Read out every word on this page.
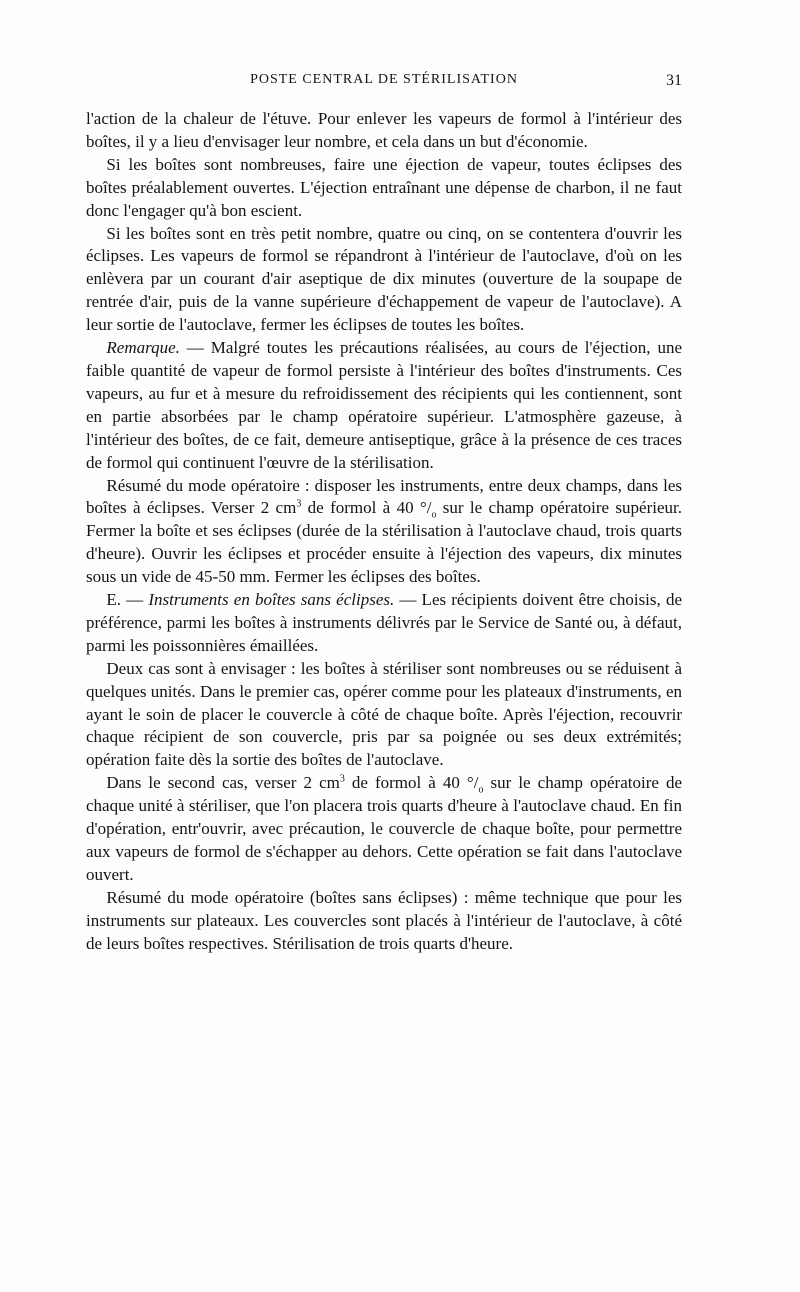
POSTE CENTRAL DE STÉRILISATION	31

l'action de la chaleur de l'étuve. Pour enlever les vapeurs de formol à l'intérieur des boîtes, il y a lieu d'envisager leur nombre, et cela dans un but d'économie.

Si les boîtes sont nombreuses, faire une éjection de vapeur, toutes éclipses des boîtes préalablement ouvertes. L'éjection entraînant une dépense de charbon, il ne faut donc l'engager qu'à bon escient.

Si les boîtes sont en très petit nombre, quatre ou cinq, on se contentera d'ouvrir les éclipses. Les vapeurs de formol se répandront à l'intérieur de l'autoclave, d'où on les enlèvera par un courant d'air aseptique de dix minutes (ouverture de la soupape de rentrée d'air, puis de la vanne supérieure d'échappement de vapeur de l'autoclave). A leur sortie de l'autoclave, fermer les éclipses de toutes les boîtes.

Remarque. — Malgré toutes les précautions réalisées, au cours de l'éjection, une faible quantité de vapeur de formol persiste à l'intérieur des boîtes d'instruments. Ces vapeurs, au fur et à mesure du refroidissement des récipients qui les contiennent, sont en partie absorbées par le champ opératoire supérieur. L'atmosphère gazeuse, à l'intérieur des boîtes, de ce fait, demeure antiseptique, grâce à la présence de ces traces de formol qui continuent l'œuvre de la stérilisation.

Résumé du mode opératoire : disposer les instruments, entre deux champs, dans les boîtes à éclipses. Verser 2 $cm^3$ de formol à 40 $^\circ/_o$ sur le champ opératoire supérieur. Fermer la boîte et ses éclipses (durée de la stérilisation à l'autoclave chaud, trois quarts d'heure). Ouvrir les éclipses et procéder ensuite à l'éjection des vapeurs, dix minutes sous un vide de 45-50 mm. Fermer les éclipses des boîtes.

E. — Instruments en boîtes sans éclipses. — Les récipients doivent être choisis, de préférence, parmi les boîtes à instruments délivrés par le Service de Santé ou, à défaut, parmi les poissonnières émaillées.

Deux cas sont à envisager : les boîtes à stériliser sont nombreuses ou se réduisent à quelques unités. Dans le premier cas, opérer comme pour les plateaux d'instruments, en ayant le soin de placer le couvercle à côté de chaque boîte. Après l'éjection, recouvrir chaque récipient de son couvercle, pris par sa poignée ou ses deux extrémités; opération faite dès la sortie des boîtes de l'autoclave.

Dans le second cas, verser 2 $cm^3$ de formol à 40 $^\circ/_o$ sur le champ opératoire de chaque unité à stériliser, que l'on placera trois quarts d'heure à l'autoclave chaud. En fin d'opération, entr'ouvrir, avec précaution, le couvercle de chaque boîte, pour permettre aux vapeurs de formol de s'échapper au dehors. Cette opération se fait dans l'autoclave ouvert.

Résumé du mode opératoire (boîtes sans éclipses) : même technique que pour les instruments sur plateaux. Les couvercles sont placés à l'intérieur de l'autoclave, à côté de leurs boîtes respectives. Stérilisation de trois quarts d'heure.
